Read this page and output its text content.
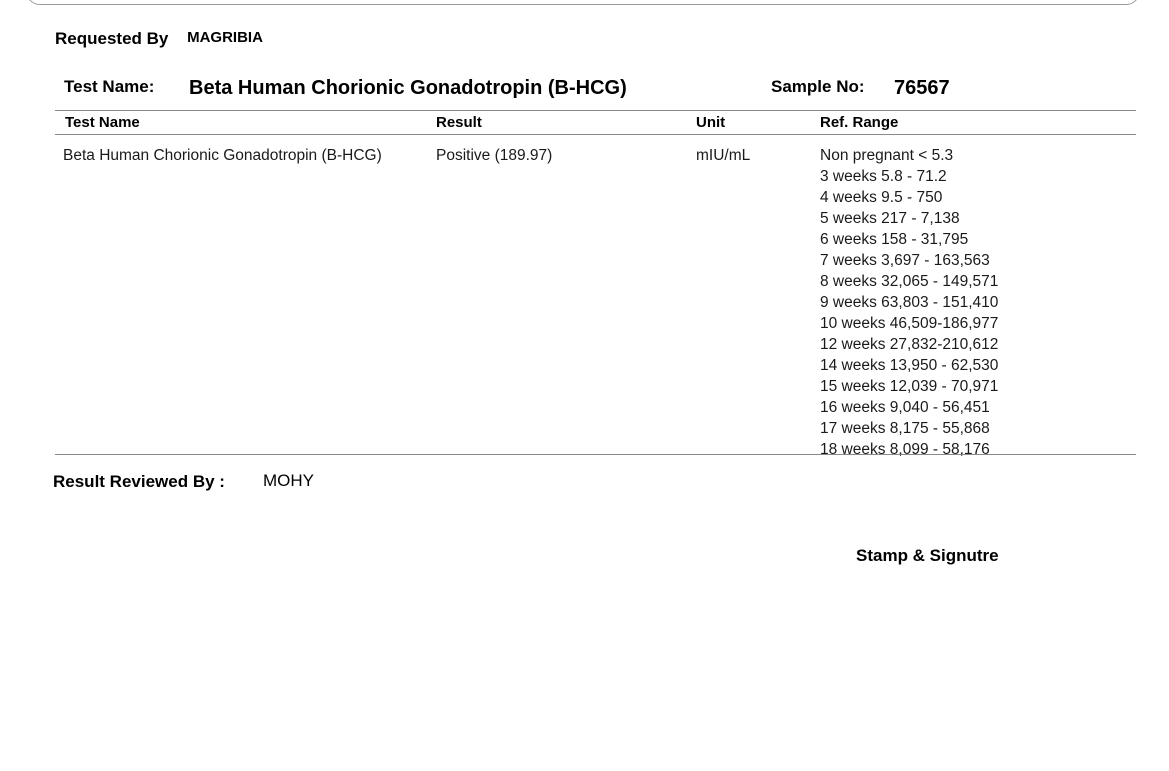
Requested By MAGRIBIA
Test Name: Beta Human Chorionic Gonadotropin (B-HCG)	Sample No: 76567
Test Name	Result	Unit	Ref. Range
Beta Human Chorionic Gonadotropin (B-HCG)	Positive (189.97)	mIU/mL	Non pregnant < 5.3
3 weeks 5.8 - 71.2
4 weeks 9.5 - 750
5 weeks 217 - 7,138
6 weeks 158 - 31,795
7 weeks 3,697 - 163,563
8 weeks 32,065 - 149,571
9 weeks 63,803 - 151,410
10 weeks 46,509-186,977
12 weeks 27,832-210,612
14 weeks 13,950 - 62,530
15 weeks 12,039 - 70,971
16 weeks 9,040 - 56,451
17 weeks 8,175 - 55,868
18 weeks 8,099 - 58,176
Result Reviewed By : MOHY
Stamp & Signutre
